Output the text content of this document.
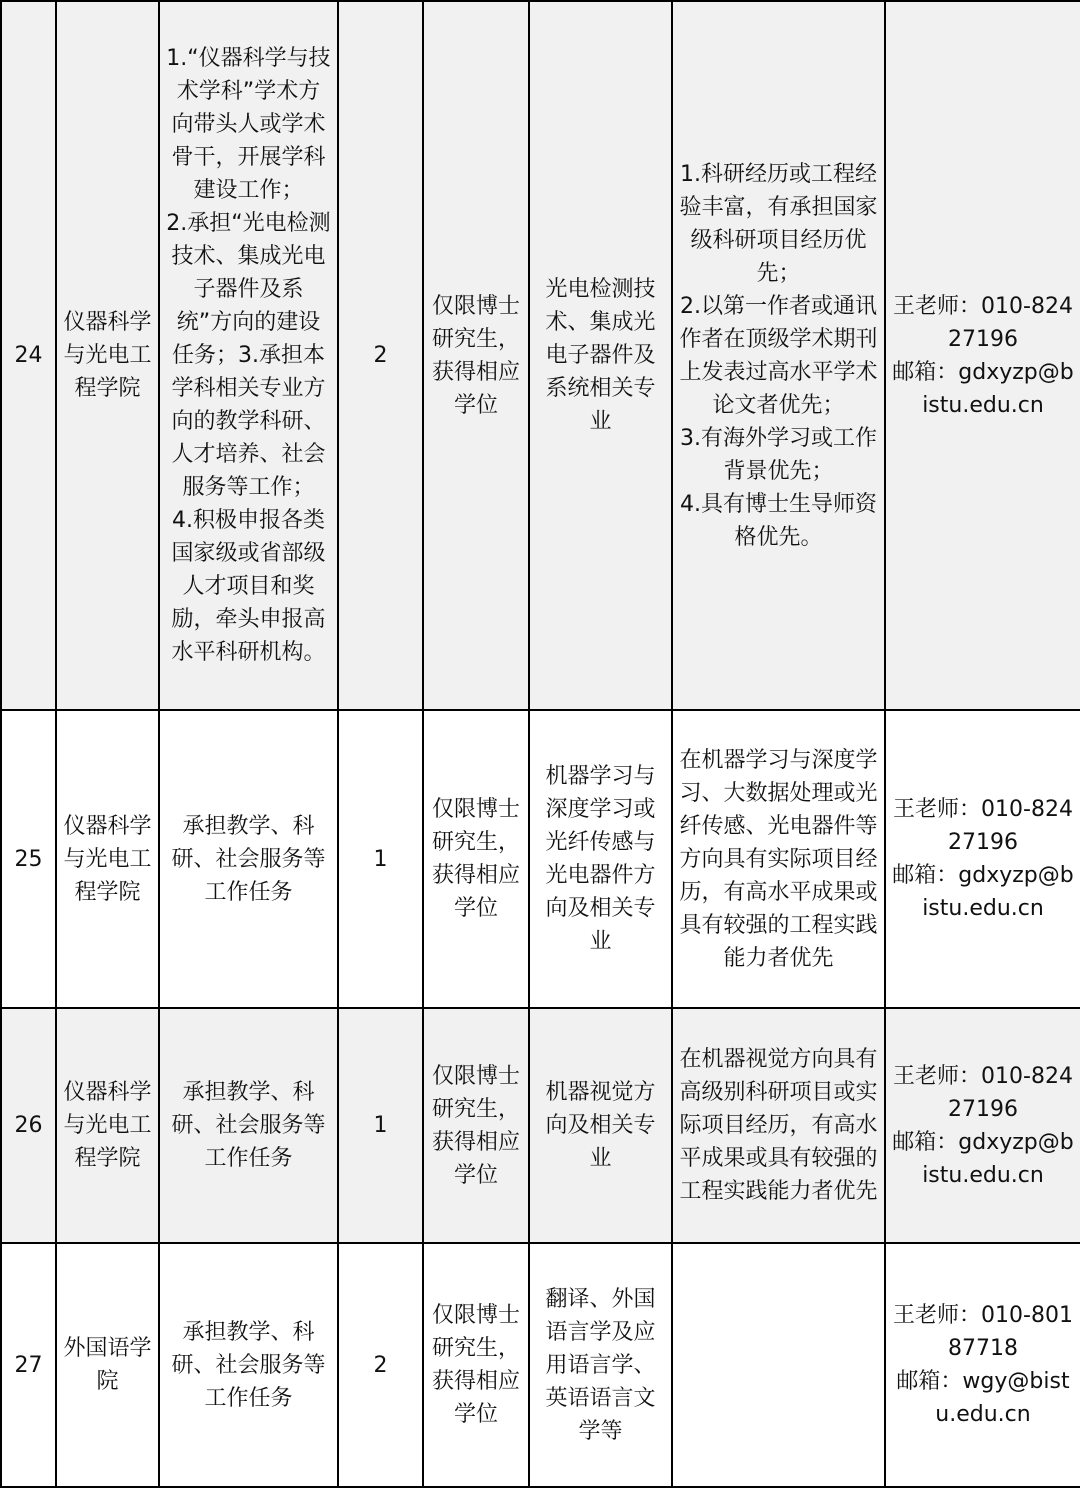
24	仪器科学与光电工程学院	1.“仪器科学与技术学科”学术方向带头人或学术骨干，开展学科建设工作；
2.承担“光电检测技术、集成光电子器件及系统”方向的建设任务；3.承担本学科相关专业方向的教学科研、人才培养、社会服务等工作；
4.积极申报各类国家级或省部级人才项目和奖励，牵头申报高水平科研机构。	2	仅限博士研究生，获得相应学位	光电检测技术、集成光电子器件及系统相关专业	1.科研经历或工程经验丰富，有承担国家级科研项目经历优先；
2.以第一作者或通讯作者在顶级学术期刊上发表过高水平学术论文者优先；
3.有海外学习或工作背景优先；
4.具有博士生导师资格优先。	王老师：010-82427196
邮箱：gdxyzp@bistu.edu.cn

25	仪器科学与光电工程学院	承担教学、科研、社会服务等工作任务	1	仅限博士研究生，获得相应学位	机器学习与深度学习或光纤传感与光电器件方向及相关专业	在机器学习与深度学习、大数据处理或光纤传感、光电器件等方向具有实际项目经历，有高水平成果或具有较强的工程实践能力者优先	王老师：010-82427196
邮箱：gdxyzp@bistu.edu.cn

26	仪器科学与光电工程学院	承担教学、科研、社会服务等工作任务	1	仅限博士研究生，获得相应学位	机器视觉方向及相关专业	在机器视觉方向具有高级别科研项目或实际项目经历，有高水平成果或具有较强的工程实践能力者优先	王老师：010-82427196
邮箱：gdxyzp@bistu.edu.cn

27	外国语学院	承担教学、科研、社会服务等工作任务	2	仅限博士研究生，获得相应学位	翻译、外国语言学及应用语言学、英语语言文学等		王老师：010-80187718
邮箱：wgy@bistu.edu.cn
